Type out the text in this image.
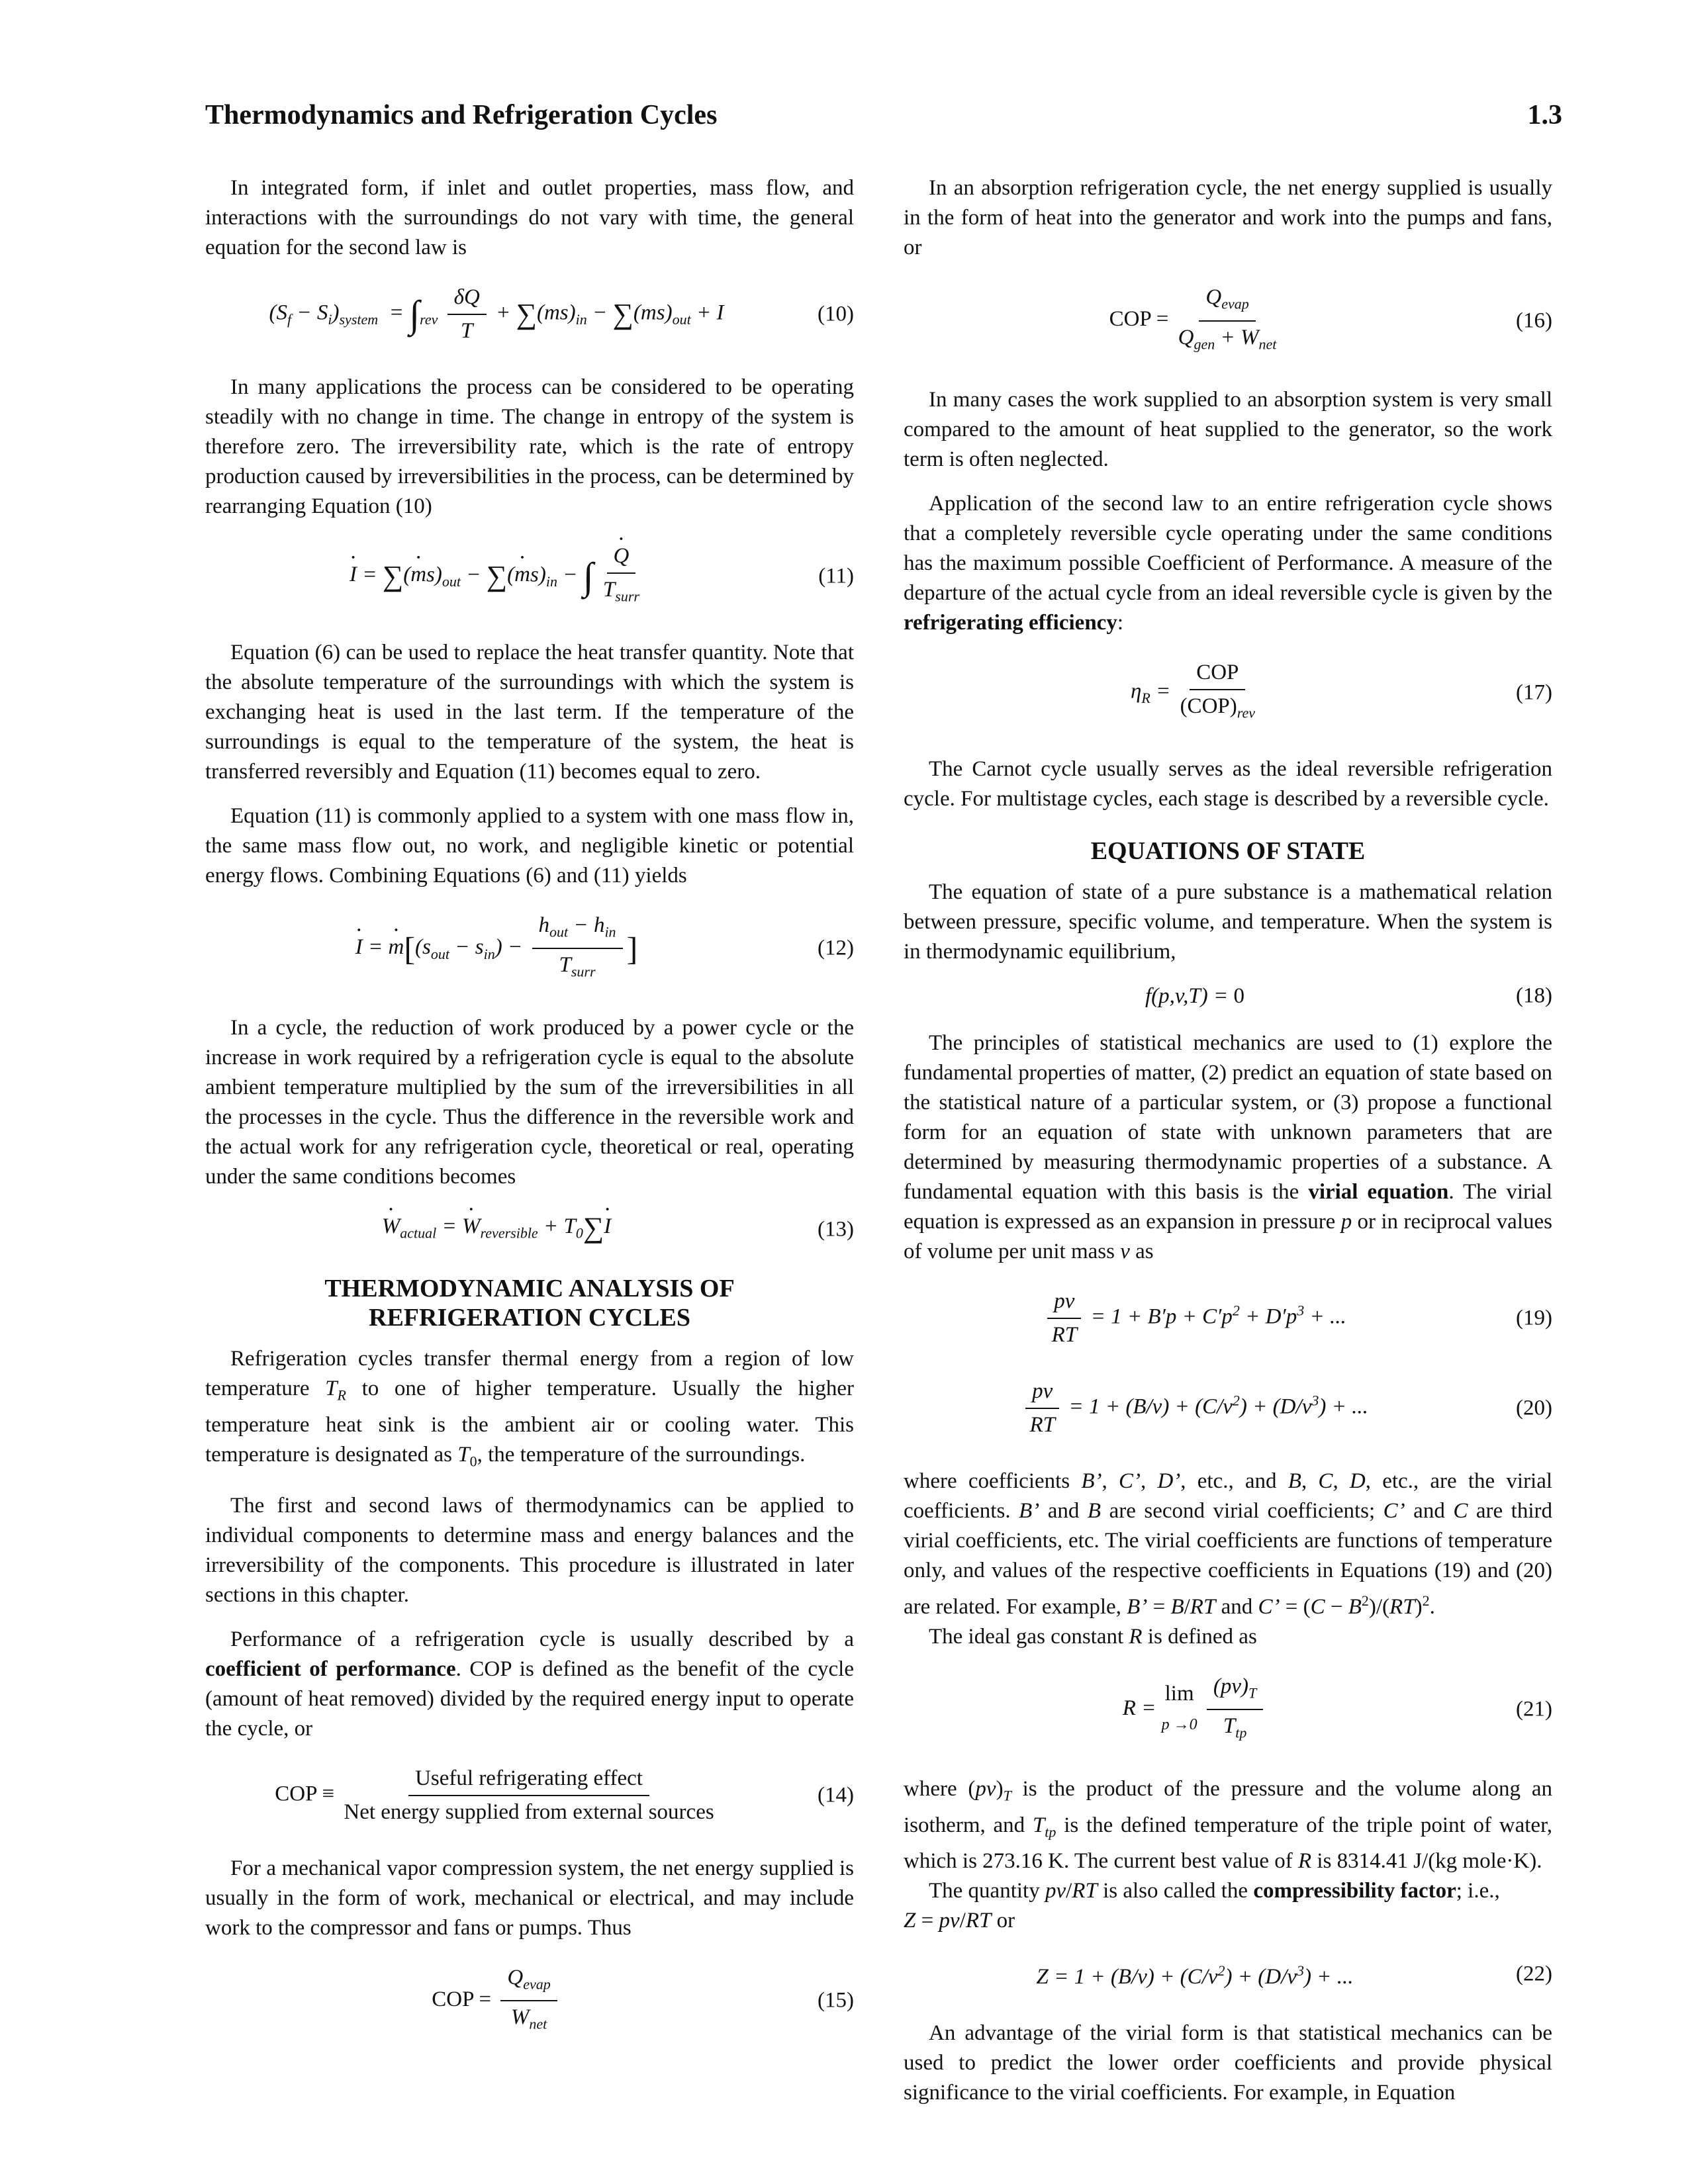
Thermodynamics and Refrigeration Cycles	1.3

In integrated form, if inlet and outlet properties, mass flow, and interactions with the surroundings do not vary with time, the general equation for the second law is

$(S_f - S_i)_{system} = \int_{rev} \frac{\delta Q}{T} + \sum(ms)_{in} - \sum(ms)_{out} + I$	(10)

In many applications the process can be considered to be operating steadily with no change in time. The change in entropy of the system is therefore zero. The irreversibility rate, which is the rate of entropy production caused by irreversibilities in the process, can be determined by rearranging Equation (10)

· I = ∑(· $ms)_{out}$ − ∑(· $ms)_{in}$ − ∫ · Q
$T_{surr}$
(11)

Equation (6) can be used to replace the heat transfer quantity. Note that the absolute temperature of the surroundings with which the system is exchanging heat is used in the last term. If the temperature of the surroundings is equal to the temperature of the system, the heat is transferred reversibly and Equation (11) becomes equal to zero.

Equation (11) is commonly applied to a system with one mass flow in, the same mass flow out, no work, and negligible kinetic or potential energy flows. Combining Equations (6) and (11) yields

· I = · $m[(s_{out} - s_{in})$ −
$h_{out} - h_{in}$
$T_{surr}$
]	(12)

In a cycle, the reduction of work produced by a power cycle or the increase in work required by a refrigeration cycle is equal to the absolute ambient temperature multiplied by the sum of the irreversibilities in all the processes in the cycle. Thus the difference in the reversible work and the actual work for any refrigeration cycle, theoretical or real, operating under the same conditions becomes

· $W_{actual}$ = · $W_{reversible} + T_0\sum\cdot I$	(13)
THERMODYNAMIC ANALYSIS OF
REFRIGERATION CYCLES

Refrigeration cycles transfer thermal energy from a region of low temperature $T_R$ to one of higher temperature. Usually the higher temperature heat sink is the ambient air or cooling water. This temperature is designated as $T_0$, the temperature of the surroundings.

The first and second laws of thermodynamics can be applied to individual components to determine mass and energy balances and the irreversibility of the components. This procedure is illustrated in later sections in this chapter.

Performance of a refrigeration cycle is usually described by a coefficient of performance. COP is defined as the benefit of the cycle (amount of heat removed) divided by the required energy input to operate the cycle, or

COP ≡
Useful refrigerating effect
Net energy supplied from external sources
(14)

For a mechanical vapor compression system, the net energy supplied is usually in the form of work, mechanical or electrical, and may include work to the compressor and fans or pumps. Thus

COP =
$Q_{evap}$
$W_{net}$
(15)

In an absorption refrigeration cycle, the net energy supplied is usually in the form of heat into the generator and work into the pumps and fans, or

COP =
$Q_{evap}$
$Q_{gen} + W_{net}$
(16)

In many cases the work supplied to an absorption system is very small compared to the amount of heat supplied to the generator, so the work term is often neglected.

Application of the second law to an entire refrigeration cycle shows that a completely reversible cycle operating under the same conditions has the maximum possible Coefficient of Performance. A measure of the departure of the actual cycle from an ideal reversible cycle is given by the refrigerating efficiency:

$\eta_R$ =
COP
$(COP)_{rev}$
(17)

The Carnot cycle usually serves as the ideal reversible refrigeration cycle. For multistage cycles, each stage is described by a reversible cycle.

EQUATIONS OF STATE

The equation of state of a pure substance is a mathematical relation between pressure, specific volume, and temperature. When the system is in thermodynamic equilibrium,

f(p,v,T) = 0	(18)

The principles of statistical mechanics are used to (1) explore the fundamental properties of matter, (2) predict an equation of state based on the statistical nature of a particular system, or (3) propose a functional form for an equation of state with unknown parameters that are determined by measuring thermodynamic properties of a substance. A fundamental equation with this basis is the virial equation. The virial equation is expressed as an expansion in pressure p or in reciprocal values of volume per unit mass v as

$\frac{pv}{RT} = 1 + B'p + C'p^2 + D'p^3$ + ...	(19)
$\frac{pv}{RT} = 1 + (B/v) + (C/v^2) + (D/v^3)$ + ...	(20)

where coefficients B’, C’, D’, etc., and B, C, D, etc., are the virial coefficients. B’ and B are second virial coefficients; C’ and C are third virial coefficients, etc. The virial coefficients are functions of temperature only, and values of the respective coefficients in Equations (19) and (20) are related. For example, B’ = B/RT and C’ = $(C - B^2)/(RT)^2$.

The ideal gas constant R is defined as

R =
lim
p →0

$(pv)_T$
$T_{tp}$
(21)

where $(pv)_T$ is the product of the pressure and the volume along an isotherm, and $T_{tp}$ is the defined temperature of the triple point of water, which is 273.16 K. The current best value of R is 8314.41 J/(kg mole·K).

The quantity pv/RT is also called the compressibility factor; i.e.,
Z = pv/RT or

$Z = 1 + (B/v) + (C/v^2) + (D/v^3)$ + ...	(22)

An advantage of the virial form is that statistical mechanics can be used to predict the lower order coefficients and provide physical significance to the virial coefficients. For example, in Equation
